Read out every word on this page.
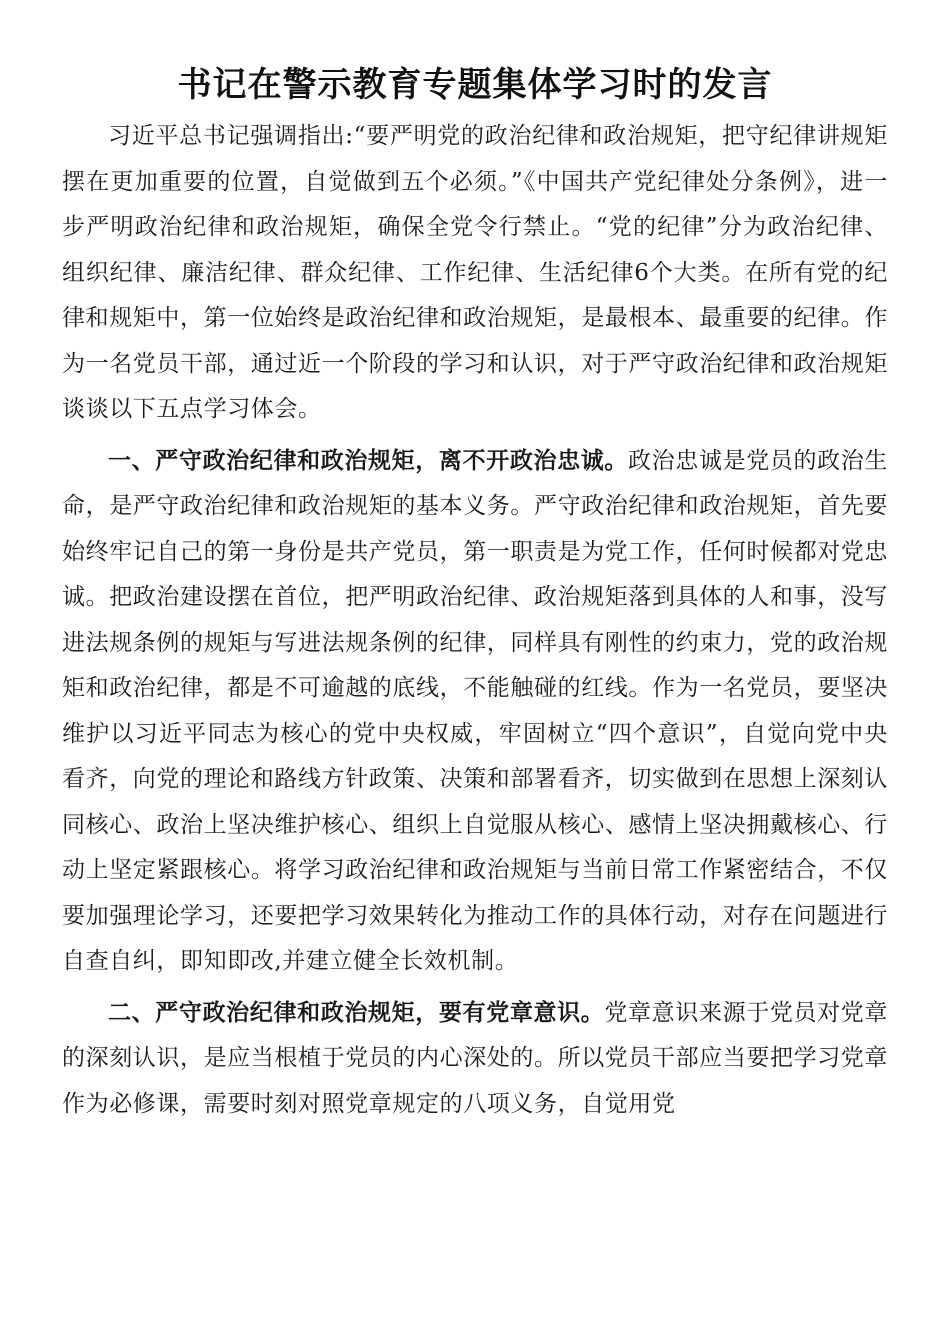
书记在警示教育专题集体学习时的发言

习近平总书记强调指出:“要严明党的政治纪律和政治规矩，把守纪律讲规矩摆在更加重要的位置，自觉做到五个必须。”《中国共产党纪律处分条例》，进一步严明政治纪律和政治规矩，确保全党令行禁止。“党的纪律”分为政治纪律、组织纪律、廉洁纪律、群众纪律、工作纪律、生活纪律6个大类。在所有党的纪律和规矩中，第一位始终是政治纪律和政治规矩，是最根本、最重要的纪律。作为一名党员干部，通过近一个阶段的学习和认识，对于严守政治纪律和政治规矩谈谈以下五点学习体会。

一、严守政治纪律和政治规矩，离不开政治忠诚。政治忠诚是党员的政治生命，是严守政治纪律和政治规矩的基本义务。严守政治纪律和政治规矩，首先要始终牢记自己的第一身份是共产党员，第一职责是为党工作，任何时候都对党忠诚。把政治建设摆在首位，把严明政治纪律、政治规矩落到具体的人和事，没写进法规条例的规矩与写进法规条例的纪律，同样具有刚性的约束力，党的政治规矩和政治纪律，都是不可逾越的底线，不能触碰的红线。作为一名党员，要坚决维护以习近平同志为核心的党中央权威，牢固树立“四个意识”，自觉向党中央看齐，向党的理论和路线方针政策、决策和部署看齐，切实做到在思想上深刻认同核心、政治上坚决维护核心、组织上自觉服从核心、感情上坚决拥戴核心、行动上坚定紧跟核心。将学习政治纪律和政治规矩与当前日常工作紧密结合，不仅要加强理论学习，还要把学习效果转化为推动工作的具体行动，对存在问题进行自查自纠，即知即改,并建立健全长效机制。

二、严守政治纪律和政治规矩，要有党章意识。党章意识来源于党员对党章的深刻认识，是应当根植于党员的内心深处的。所以党员干部应当要把学习党章作为必修课，需要时刻对照党章规定的八项义务，自觉用党
